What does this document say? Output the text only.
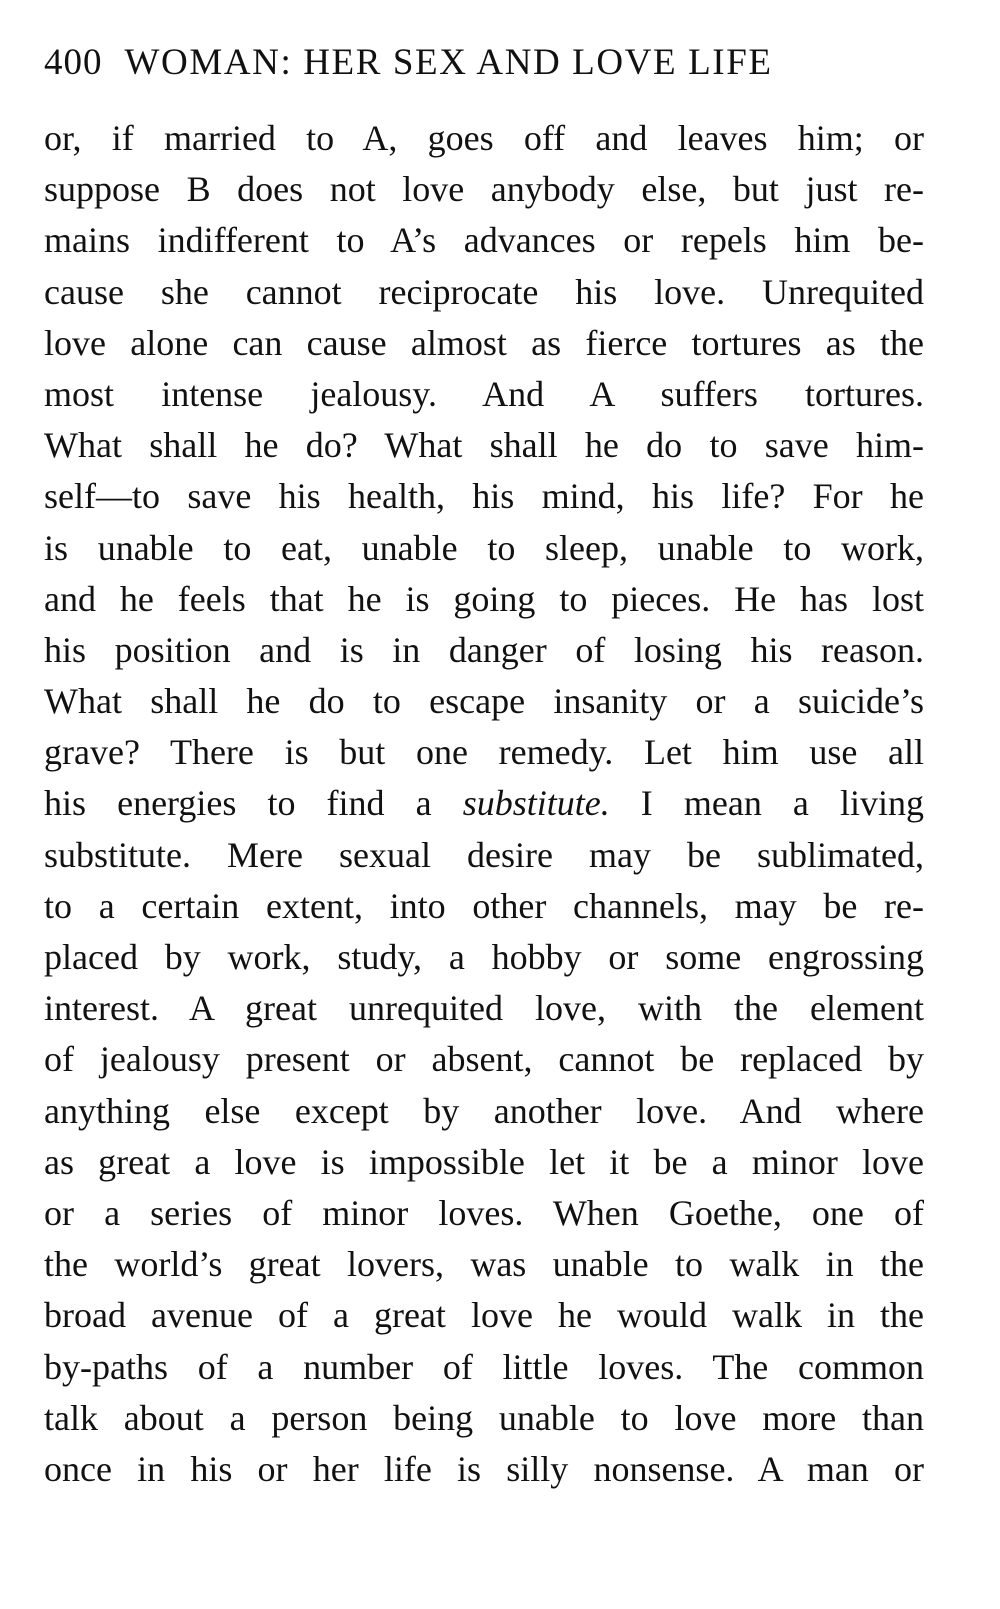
400 WOMAN: HER SEX AND LOVE LIFE
or, if married to A, goes off and leaves him; or
suppose B does not love anybody else, but just re-
mains indifferent to A’s advances or repels him be-
cause she cannot reciprocate his love. Unrequited
love alone can cause almost as fierce tortures as the
most intense jealousy. And A suffers tortures.
What shall he do? What shall he do to save him-
self—to save his health, his mind, his life? For he
is unable to eat, unable to sleep, unable to work,
and he feels that he is going to pieces. He has lost
his position and is in danger of losing his reason.
What shall he do to escape insanity or a suicide’s
grave? There is but one remedy. Let him use all
his energies to find a substitute. I mean a living
substitute. Mere sexual desire may be sublimated,
to a certain extent, into other channels, may be re-
placed by work, study, a hobby or some engrossing
interest. A great unrequited love, with the element
of jealousy present or absent, cannot be replaced by
anything else except by another love. And where
as great a love is impossible let it be a minor love
or a series of minor loves. When Goethe, one of
the world’s great lovers, was unable to walk in the
broad avenue of a great love he would walk in the
by-paths of a number of little loves. The common
talk about a person being unable to love more than
once in his or her life is silly nonsense. A man or
